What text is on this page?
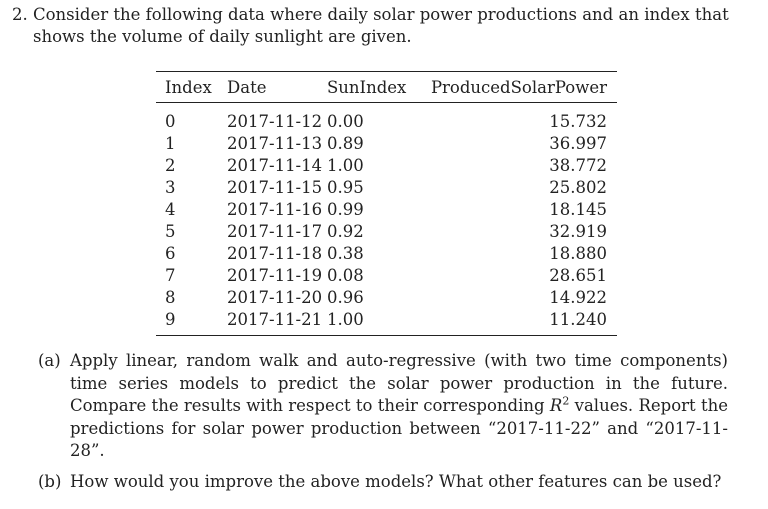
2. Consider the following data where daily solar power productions and an index that shows the volume of daily sunlight are given.
Index	Date	SunIndex	ProducedSolarPower
0	2017-11-12	0.00	15.732
1	2017-11-13	0.89	36.997
2	2017-11-14	1.00	38.772
3	2017-11-15	0.95	25.802
4	2017-11-16	0.99	18.145
5	2017-11-17	0.92	32.919
6	2017-11-18	0.38	18.880
7	2017-11-19	0.08	28.651
8	2017-11-20	0.96	14.922
9	2017-11-21	1.00	11.240
(a) Apply linear, random walk and auto-regressive (with two time components) time series models to predict the solar power production in the future. Compare the results with respect to their corresponding $R^2$ values. Report the predictions for solar power production between “2017-11-22” and “2017-11-28”.
(b) How would you improve the above models? What other features can be used?
